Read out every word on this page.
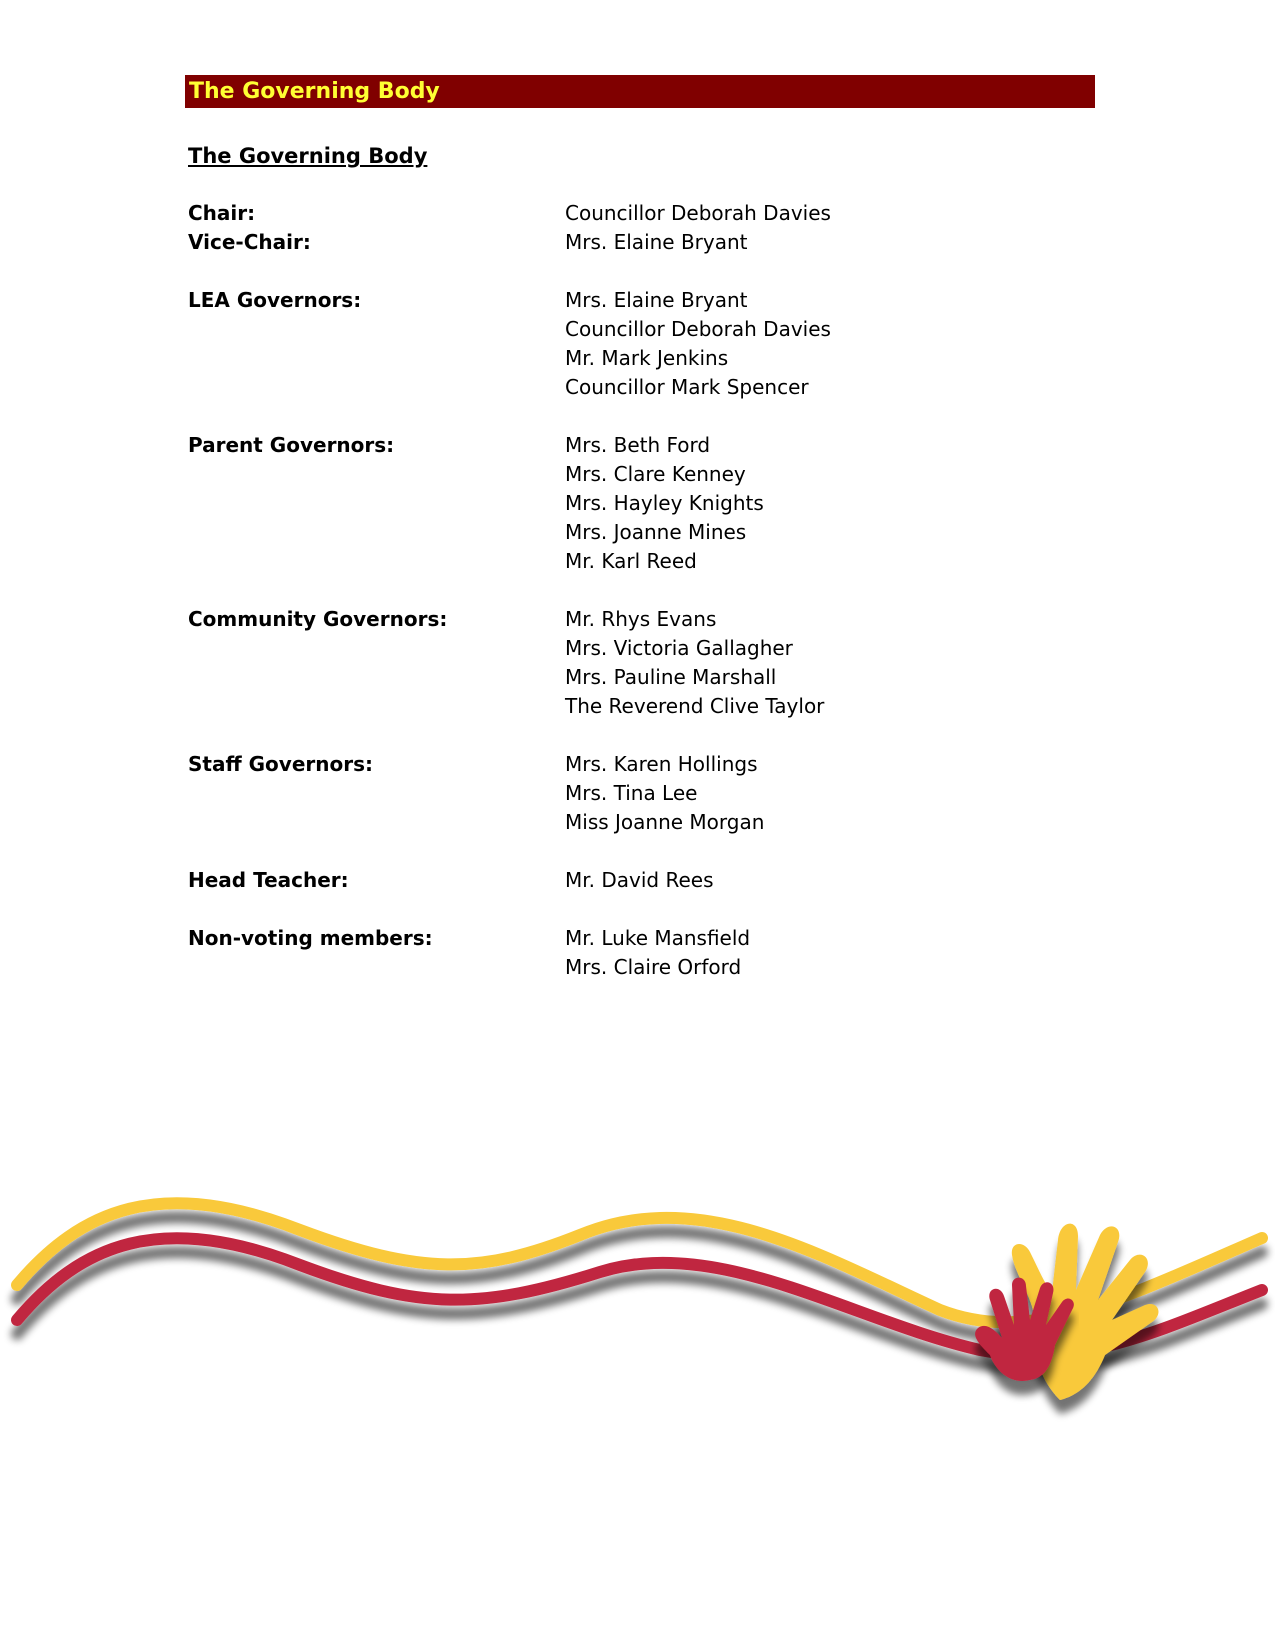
The Governing Body
The Governing Body
Chair:	Councillor Deborah Davies
Vice-Chair:	Mrs. Elaine Bryant
LEA Governors:	Mrs. Elaine Bryant
Councillor Deborah Davies
Mr. Mark Jenkins
Councillor Mark Spencer
Parent Governors:	Mrs. Beth Ford
Mrs. Clare Kenney
Mrs. Hayley Knights
Mrs. Joanne Mines
Mr. Karl Reed
Community Governors:	Mr. Rhys Evans
Mrs. Victoria Gallagher
Mrs. Pauline Marshall
The Reverend Clive Taylor
Staff Governors:	Mrs. Karen Hollings
Mrs. Tina Lee
Miss Joanne Morgan
Head Teacher:	Mr. David Rees
Non-voting members:	Mr. Luke Mansfield
Mrs. Claire Orford
